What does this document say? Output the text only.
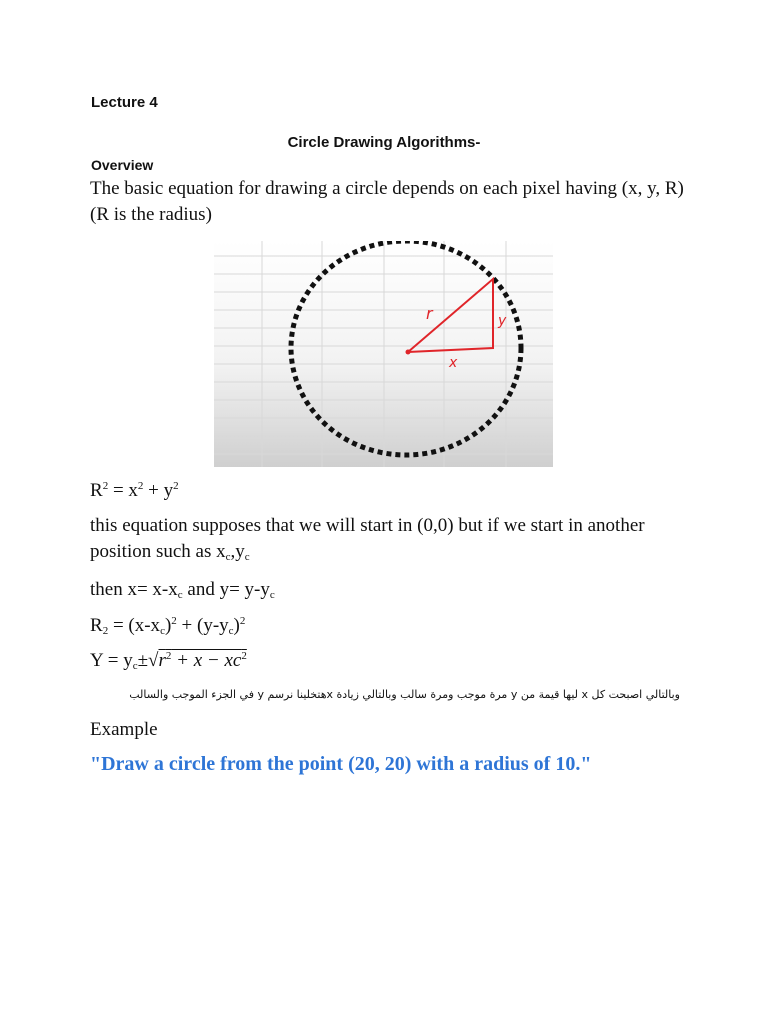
Lecture 4
Circle Drawing Algorithms-
Overview
The basic equation for drawing a circle depends on each pixel having (x, y, R) (R is the radius)
r
x
y
$R^2 = x^2 + y^2$
this equation supposes that we will start in (0,0) but if we start in another position such as $x_c,y_c$
then $x= x-x_c$ and $y= y-y_c$
$R_2 = (x-x_c)^2 + (y-y_c)^2$
$Y = y_c\pm√r^2 + x - xc^2$
وبالتالي اصبحت كل x ليها قيمة من y مرة موجب ومرة سالب وبالتالي زيادة xهتخلينا نرسم y في الجزء الموجب والسالب
Example
"Draw a circle from the point (20, 20) with a radius of 10."
